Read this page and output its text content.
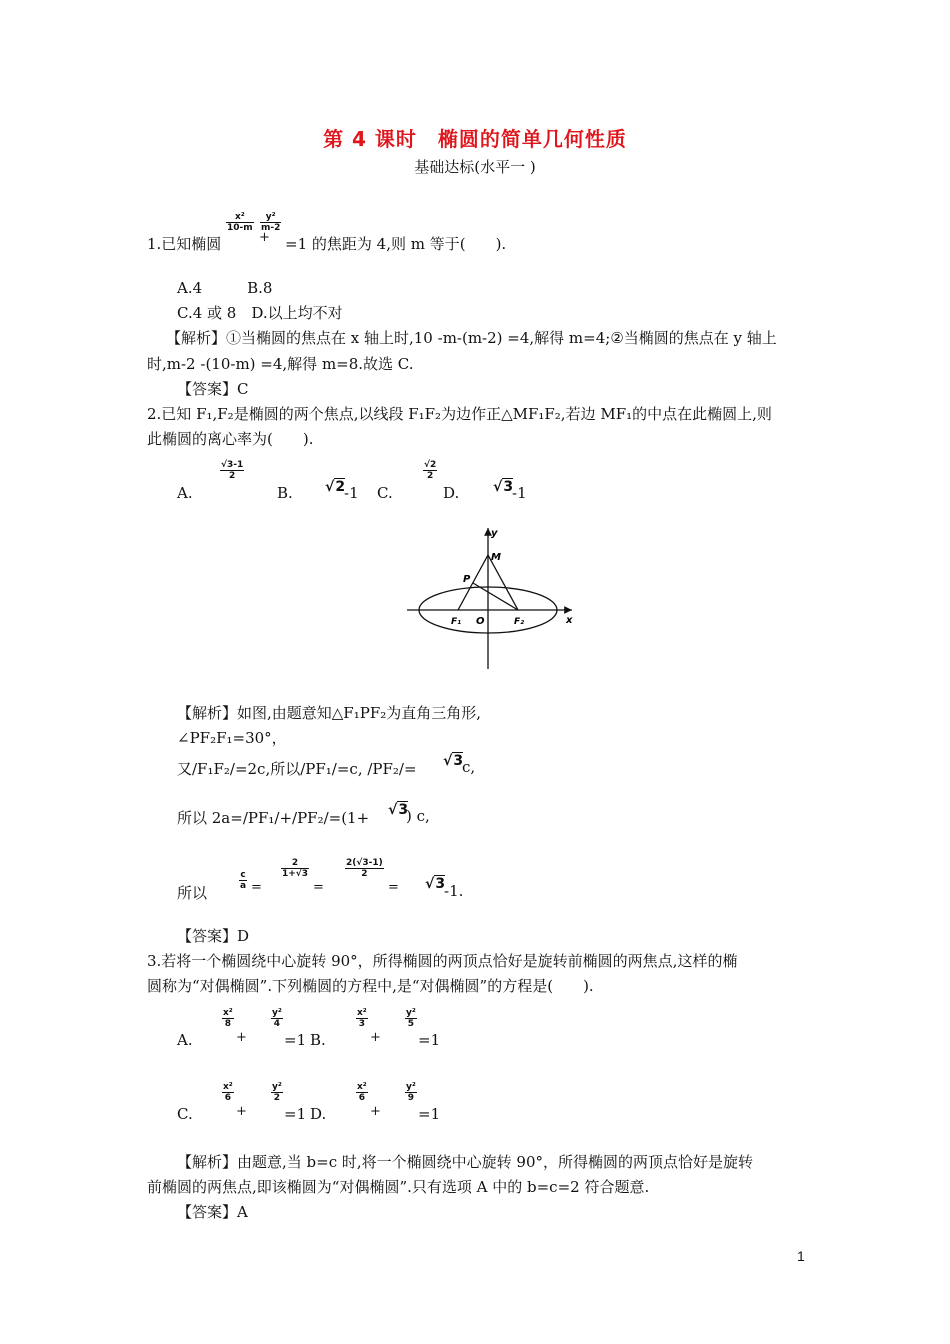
第 4 课时　椭圆的简单几何性质
基础达标(水平一 )
$\frac{\text{x²}}{10-m}$
+
$\frac{\text{y²}}{m-2}$
1.已知椭圆	=1 的焦距为 4,则 m 等于(　　).
A.4　　　B.8
C.4 或 8　D.以上均不对
【解析】①当椭圆的焦点在 x 轴上时,10 -m-(m-2) =4,解得 m=4;②当椭圆的焦点在 y 轴上
时,m-2 -(10-m) =4,解得 m=8.故选 C.
【答案】C
2.已知 F₁,F₂是椭圆的两个焦点,以线段 F₁F₂为边作正△MF₁F₂,若边 MF₁的中点在此椭圆上,则
此椭圆的离心率为(　　).
A.
$\frac{√3-1}{2}$
B. √2
-1 C.
$\frac{√2}{2}$
D. √3
-1
y
x
M
P
F₁ O	F₂
【解析】如图,由题意知△F₁PF₂为直角三角形,
∠PF₂F₁=30°，
又/F₁F₂/=2c,所以/PF₁/=c, /PF₂/= √3
c,
所以 2a=/PF₁/+/PF₂/=(1+ √3
) c,
所以
$\frac{c}{a}$ =
$\frac{2}{1+√3}$
=
$\frac{2(√3-1)}{2}$
= √3
-1.
【答案】D
3.若将一个椭圆绕中心旋转 90°，所得椭圆的两顶点恰好是旋转前椭圆的两焦点,这样的椭
圆称为“对偶椭圆”.下列椭圆的方程中,是“对偶椭圆”的方程是(　　).
A.
$\frac{\text{x²}}{8}$
+
$\frac{\text{y²}}{4}$
=1 B.
$\frac{\text{x²}}{3}$
+
$\frac{\text{y²}}{5}$
=1
C.
$\frac{\text{x²}}{6}$
+
$\frac{\text{y²}}{2}$
=1 D.
$\frac{\text{x²}}{6}$
+
$\frac{\text{y²}}{9}$
=1
【解析】由题意,当 b=c 时,将一个椭圆绕中心旋转 90°，所得椭圆的两顶点恰好是旋转
前椭圆的两焦点,即该椭圆为“对偶椭圆”.只有选项 A 中的 b=c=2 符合题意.
【答案】A
1
